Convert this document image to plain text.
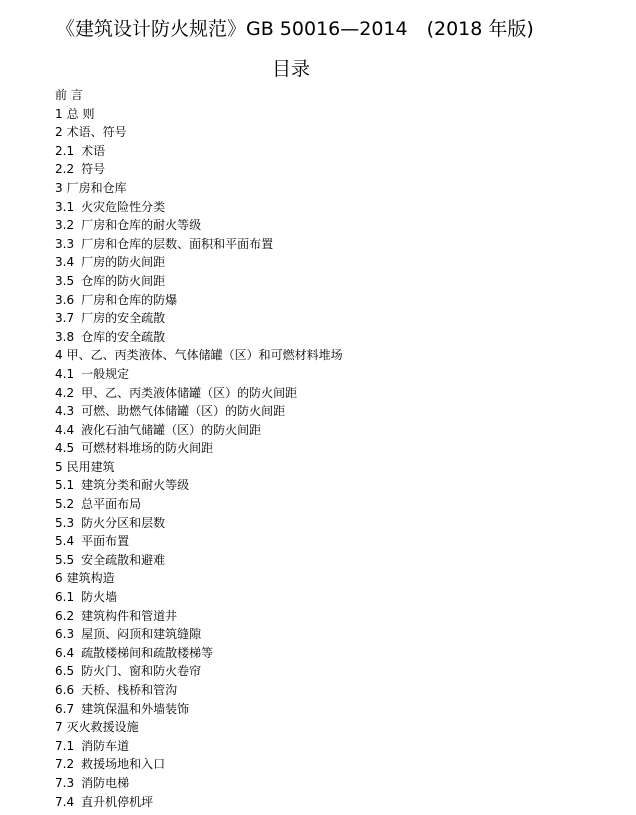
《建筑设计防火规范》GB 50016—2014　(2018 年版)
目录
前 言
1 总 则
2 术语、符号
2.1 术语
2.2 符号
3 厂房和仓库
3.1 火灾危险性分类
3.2 厂房和仓库的耐火等级
3.3 厂房和仓库的层数、面积和平面布置
3.4 厂房的防火间距
3.5 仓库的防火间距
3.6 厂房和仓库的防爆
3.7 厂房的安全疏散
3.8 仓库的安全疏散
4 甲、乙、丙类液体、气体储罐（区）和可燃材料堆场
4.1 一般规定
4.2 甲、乙、丙类液体储罐（区）的防火间距
4.3 可燃、助燃气体储罐（区）的防火间距
4.4 液化石油气储罐（区）的防火间距
4.5 可燃材料堆场的防火间距
5 民用建筑
5.1 建筑分类和耐火等级
5.2 总平面布局
5.3 防火分区和层数
5.4 平面布置
5.5 安全疏散和避难
6 建筑构造
6.1 防火墙
6.2 建筑构件和管道井
6.3 屋顶、闷顶和建筑缝隙
6.4 疏散楼梯间和疏散楼梯等
6.5 防火门、窗和防火卷帘
6.6 天桥、栈桥和管沟
6.7 建筑保温和外墙装饰
7 灭火救援设施
7.1 消防车道
7.2 救援场地和入口
7.3 消防电梯
7.4 直升机停机坪
